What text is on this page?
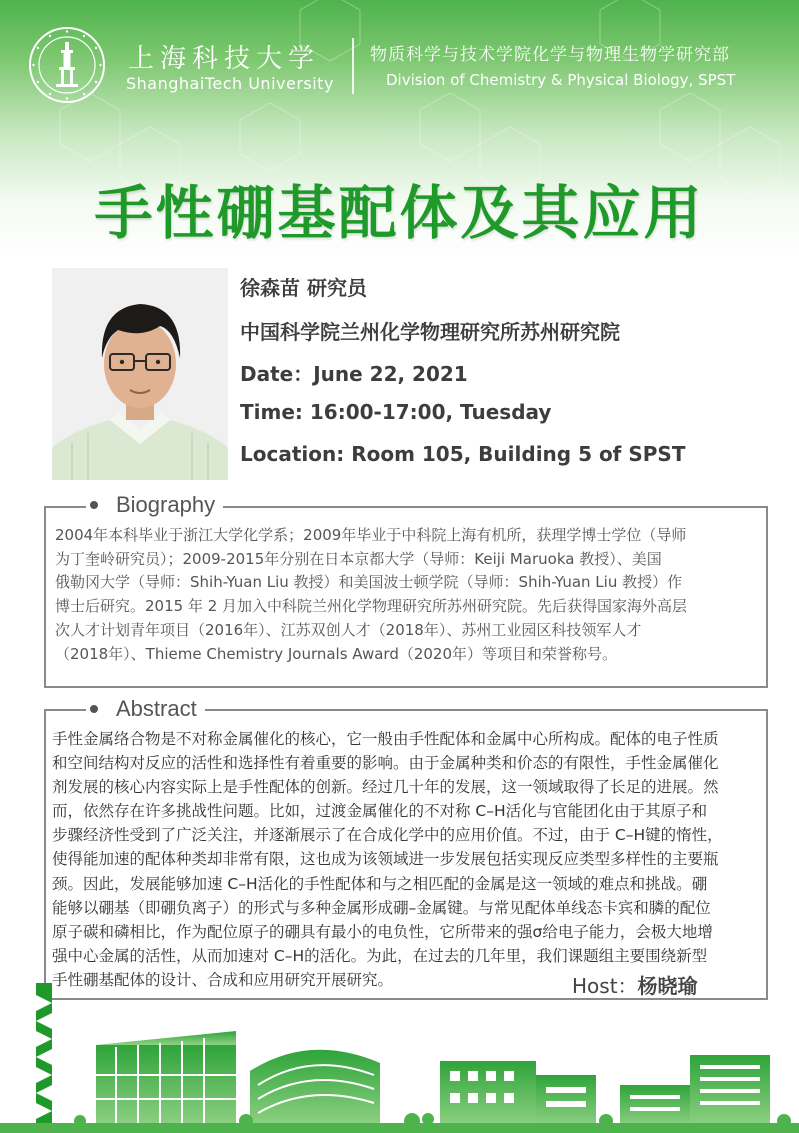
上海科技大学
ShanghaiTech University
物质科学与技术学院化学与物理生物学研究部
Division of Chemistry & Physical Biology, SPST
手性硼基配体及其应用
徐森苗 研究员
中国科学院兰州化学物理研究所苏州研究院
Date：June 22, 2021
Time: 16:00-17:00, Tuesday
Location: Room 105, Building 5 of SPST
Biography
2004年本科毕业于浙江大学化学系；2009年毕业于中科院上海有机所，获理学博士学位（导师
为丁奎岭研究员）；2009-2015年分别在日本京都大学（导师：Keiji Maruoka 教授）、美国
俄勒冈大学（导师：Shih-Yuan Liu 教授）和美国波士顿学院（导师：Shih-Yuan Liu 教授）作
博士后研究。2015 年 2 月加入中科院兰州化学物理研究所苏州研究院。先后获得国家海外高层
次人才计划青年项目（2016年）、江苏双创人才（2018年）、苏州工业园区科技领军人才
（2018年）、Thieme Chemistry Journals Award（2020年）等项目和荣誉称号。
Abstract
手性金属络合物是不对称金属催化的核心，它一般由手性配体和金属中心所构成。配体的电子性质
和空间结构对反应的活性和选择性有着重要的影响。由于金属种类和价态的有限性，手性金属催化
剂发展的核心内容实际上是手性配体的创新。经过几十年的发展，这一领域取得了长足的进展。然
而，依然存在许多挑战性问题。比如，过渡金属催化的不对称 C–H活化与官能团化由于其原子和
步骤经济性受到了广泛关注，并逐渐展示了在合成化学中的应用价值。不过，由于 C–H键的惰性，
使得能加速的配体种类却非常有限，这也成为该领域进一步发展包括实现反应类型多样性的主要瓶
颈。因此，发展能够加速 C–H活化的手性配体和与之相匹配的金属是这一领域的难点和挑战。硼
能够以硼基（即硼负离子）的形式与多种金属形成硼–金属键。与常见配体单线态卡宾和膦的配位
原子碳和磷相比，作为配位原子的硼具有最小的电负性，它所带来的强σ给电子能力，会极大地增
强中心金属的活性，从而加速对 C–H的活化。为此，在过去的几年里，我们课题组主要围绕新型
手性硼基配体的设计、合成和应用研究开展研究。	Host：杨晓瑜
